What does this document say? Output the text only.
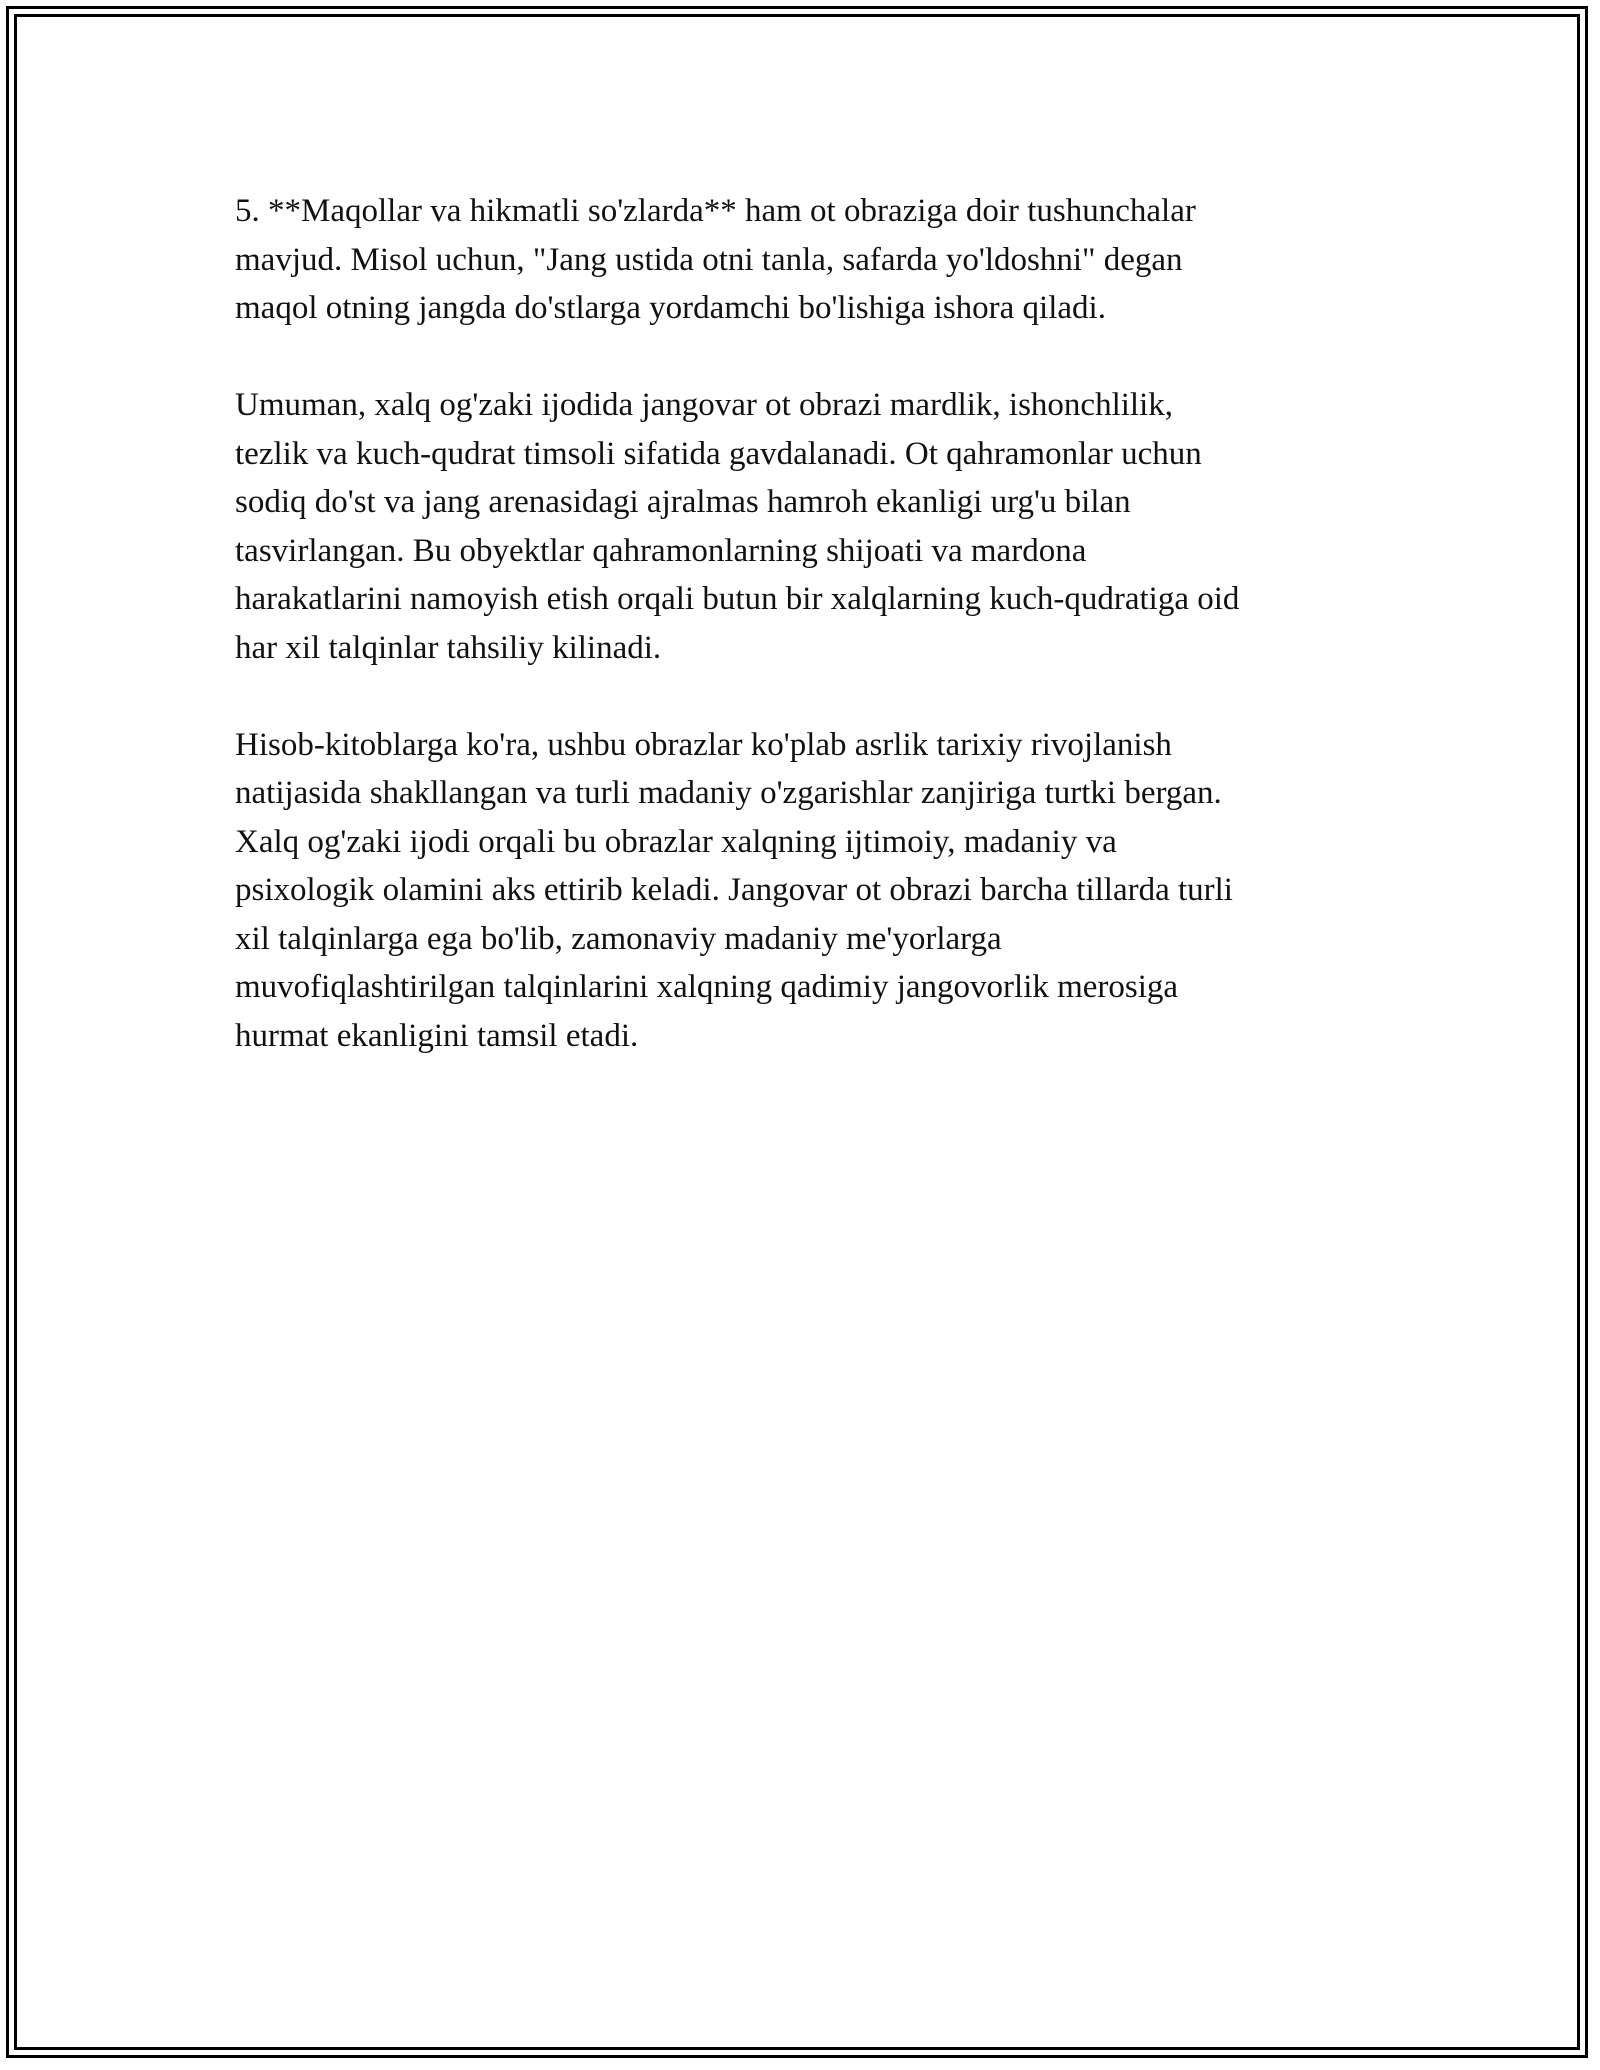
5. **Maqollar va hikmatli so'zlarda** ham ot obraziga doir tushunchalar
mavjud. Misol uchun, "Jang ustida otni tanla, safarda yo'ldoshni" degan
maqol otning jangda do'stlarga yordamchi bo'lishiga ishora qiladi.

Umuman, xalq og'zaki ijodida jangovar ot obrazi mardlik, ishonchlilik,
tezlik va kuch-qudrat timsoli sifatida gavdalanadi. Ot qahramonlar uchun
sodiq do'st va jang arenasidagi ajralmas hamroh ekanligi urg'u bilan
tasvirlangan. Bu obyektlar qahramonlarning shijoati va mardona
harakatlarini namoyish etish orqali butun bir xalqlarning kuch-qudratiga oid
har xil talqinlar tahsiliy kilinadi.

Hisob-kitoblarga ko'ra, ushbu obrazlar ko'plab asrlik tarixiy rivojlanish
natijasida shakllangan va turli madaniy o'zgarishlar zanjiriga turtki bergan.
Xalq og'zaki ijodi orqali bu obrazlar xalqning ijtimoiy, madaniy va
psixologik olamini aks ettirib keladi. Jangovar ot obrazi barcha tillarda turli
xil talqinlarga ega bo'lib, zamonaviy madaniy me'yorlarga
muvofiqlashtirilgan talqinlarini xalqning qadimiy jangovorlik merosiga
hurmat ekanligini tamsil etadi.
